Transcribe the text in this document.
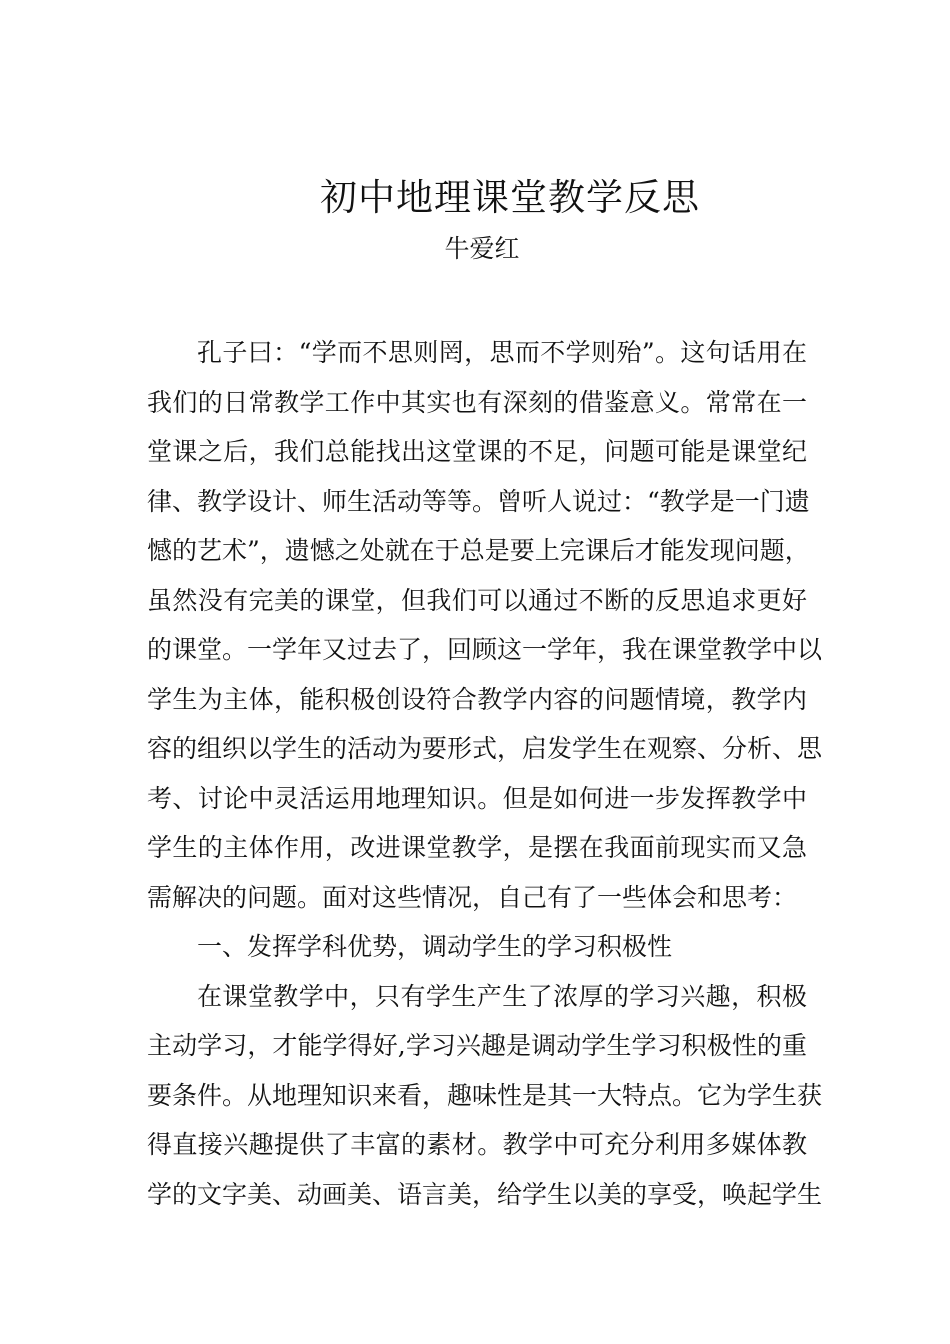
初中地理课堂教学反思
牛爱红
孔子曰：“学而不思则罔，思而不学则殆”。这句话用在
我们的日常教学工作中其实也有深刻的借鉴意义。常常在一
堂课之后，我们总能找出这堂课的不足，问题可能是课堂纪
律、教学设计、师生活动等等。曾听人说过：“教学是一门遗
憾的艺术”，遗憾之处就在于总是要上完课后才能发现问题，
虽然没有完美的课堂，但我们可以通过不断的反思追求更好
的课堂。一学年又过去了，回顾这一学年，我在课堂教学中以
学生为主体，能积极创设符合教学内容的问题情境，教学内
容的组织以学生的活动为要形式，启发学生在观察、分析、思
考、讨论中灵活运用地理知识。但是如何进一步发挥教学中
学生的主体作用，改进课堂教学，是摆在我面前现实而又急
需解决的问题。面对这些情况，自己有了一些体会和思考：
一、发挥学科优势，调动学生的学习积极性
在课堂教学中，只有学生产生了浓厚的学习兴趣，积极
主动学习，才能学得好,学习兴趣是调动学生学习积极性的重
要条件。从地理知识来看，趣味性是其一大特点。它为学生获
得直接兴趣提供了丰富的素材。教学中可充分利用多媒体教
学的文字美、动画美、语言美，给学生以美的享受，唤起学生
